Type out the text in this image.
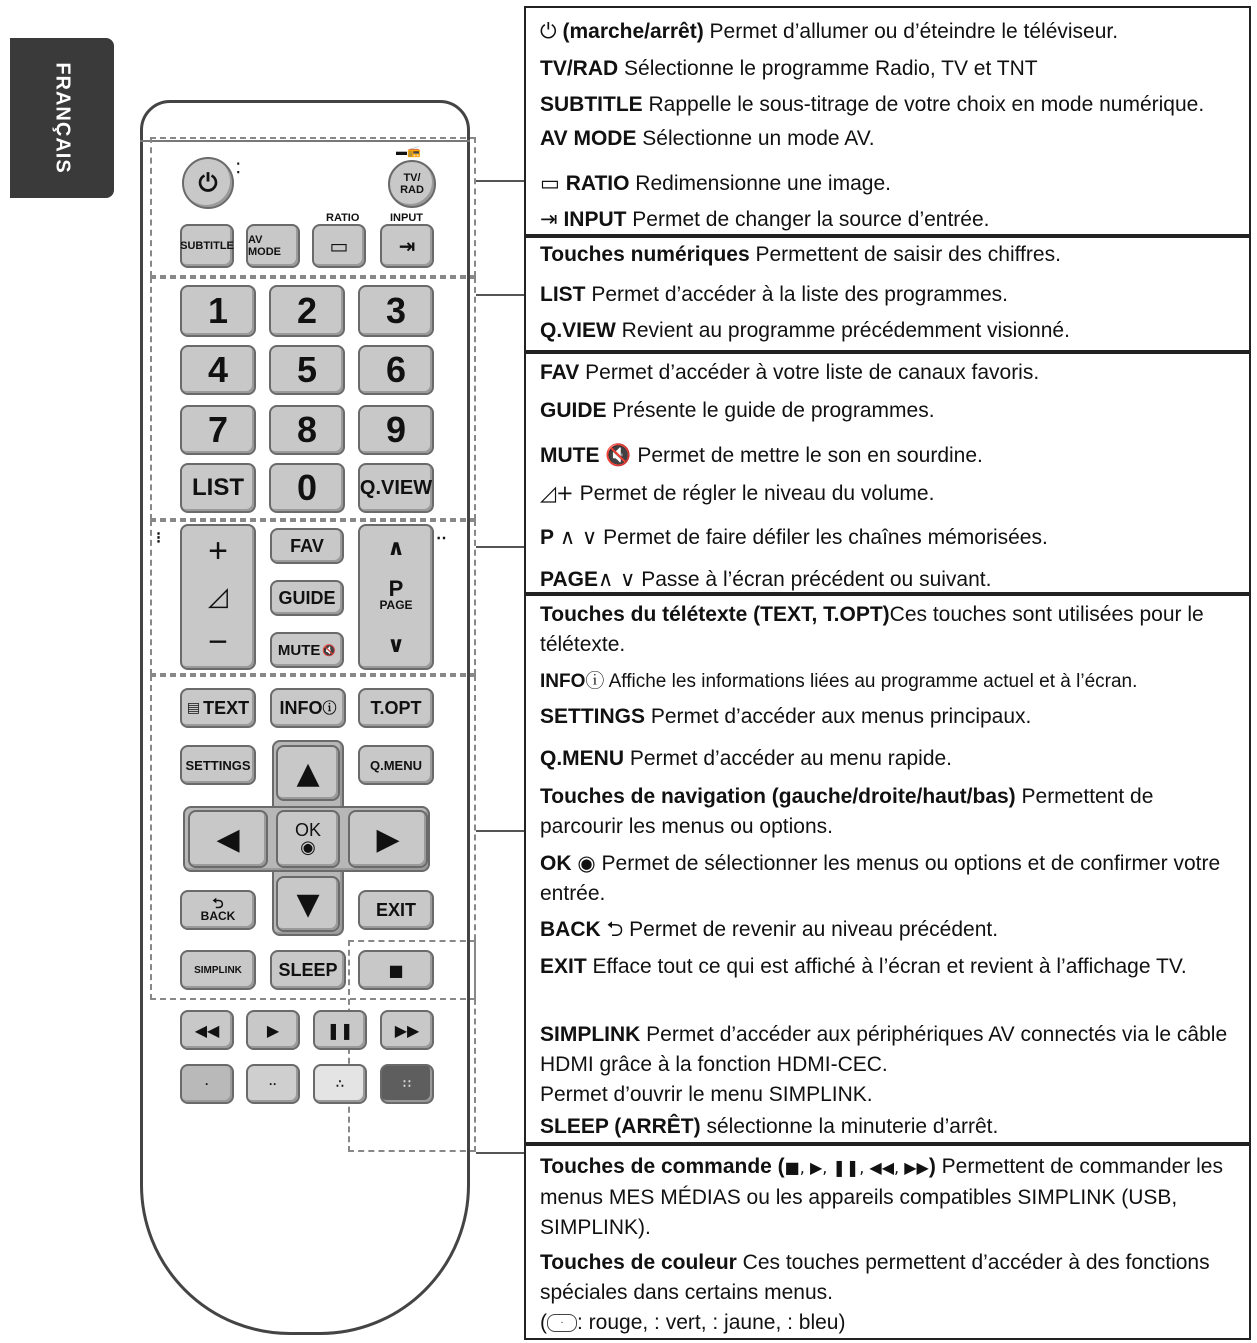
FRANÇAIS
⏻
⁚
TV/
RAD
▬📻
RATIO	INPUT
SUBTITLE AV MODE	▭	⇥
1	2	3
4	5	6
7	8	9
LIST	0	Q.VIEW
⁝	‥
+
◿
−
FAV
GUIDE
MUTE 🔇
∧
P
PAGE
∨
▤ TEXT INFO ⓘ	T.OPT
SETTINGS	Q.MENU
▲
◀	OK
◉ ▶
▼
⮌
BACK	EXIT
SIMPLINK	SLEEP	■
◀◀	▶	❚❚	▶▶
·	··	∴	∷
⏻ (marche/arrêt) Permet d’allumer ou d’éteindre le téléviseur.
TV/RAD Sélectionne le programme Radio, TV et TNT
SUBTITLE Rappelle le sous-titrage de votre choix en mode numérique.
AV MODE Sélectionne un mode AV.
▭ RATIO Redimensionne une image.
⇥ INPUT Permet de changer la source d’entrée.
Touches numériques Permettent de saisir des chiffres.
LIST Permet d’accéder à la liste des programmes.
Q.VIEW Revient au programme précédemment visionné.
FAV Permet d’accéder à votre liste de canaux favoris.
GUIDE Présente le guide de programmes.
MUTE 🔇 Permet de mettre le son en sourdine.
◿+ Permet de régler le niveau du volume.
P ∧ ∨ Permet de faire défiler les chaînes mémorisées.
PAGE∧ ∨ Passe à l’écran précédent ou suivant.
Touches du télétexte (TEXT, T.OPT)Ces touches sont utilisées pour le télétexte.
INFOⓘ Affiche les informations liées au programme actuel et à l’écran.
SETTINGS Permet d’accéder aux menus principaux.
Q.MENU Permet d’accéder au menu rapide.
Touches de navigation (gauche/droite/haut/bas) Permettent de parcourir les menus ou options.
OK ◉ Permet de sélectionner les menus ou options et de confirmer votre entrée.
BACK ⮌ Permet de revenir au niveau précédent.
EXIT Efface tout ce qui est affiché à l’écran et revient à l’affichage TV.
SIMPLINK Permet d’accéder aux périphériques AV connectés via le câble HDMI grâce à la fonction HDMI-CEC.
Permet d’ouvrir le menu SIMPLINK.
SLEEP (ARRÊT) sélectionne la minuterie d’arrêt.
Touches de commande (■, ▶, ❚❚, ◀◀, ▶▶) Permettent de commander les menus MES MÉDIAS ou les appareils compatibles SIMPLINK (USB, SIMPLINK).
Touches de couleur Ces touches permettent d’accéder à des fonctions spéciales dans certains menus.
( · : rouge, : vert, : jaune, : bleu)
